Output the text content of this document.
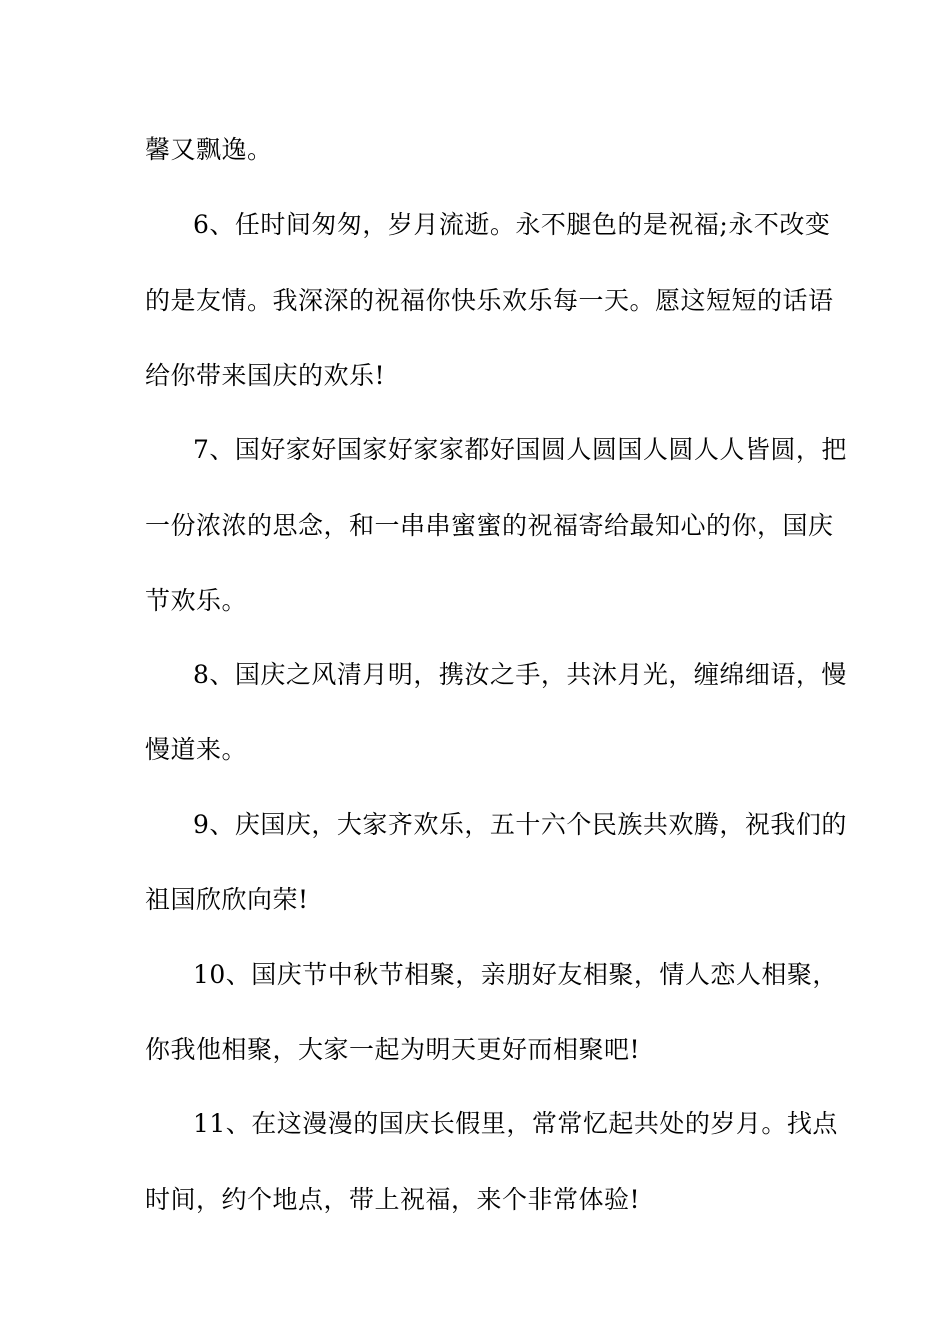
馨又飘逸。
6、任时间匆匆，岁月流逝。永不腿色的是祝福;永不改变
的是友情。我深深的祝福你快乐欢乐每一天。愿这短短的话语
给你带来国庆的欢乐!
7、国好家好国家好家家都好国圆人圆国人圆人人皆圆，把
一份浓浓的思念，和一串串蜜蜜的祝福寄给最知心的你，国庆
节欢乐。
8、国庆之风清月明，携汝之手，共沐月光，缠绵细语，慢
慢道来。
9、庆国庆，大家齐欢乐，五十六个民族共欢腾，祝我们的
祖国欣欣向荣!
10、国庆节中秋节相聚，亲朋好友相聚，情人恋人相聚，
你我他相聚，大家一起为明天更好而相聚吧!
11、在这漫漫的国庆长假里，常常忆起共处的岁月。找点
时间，约个地点，带上祝福，来个非常体验!
